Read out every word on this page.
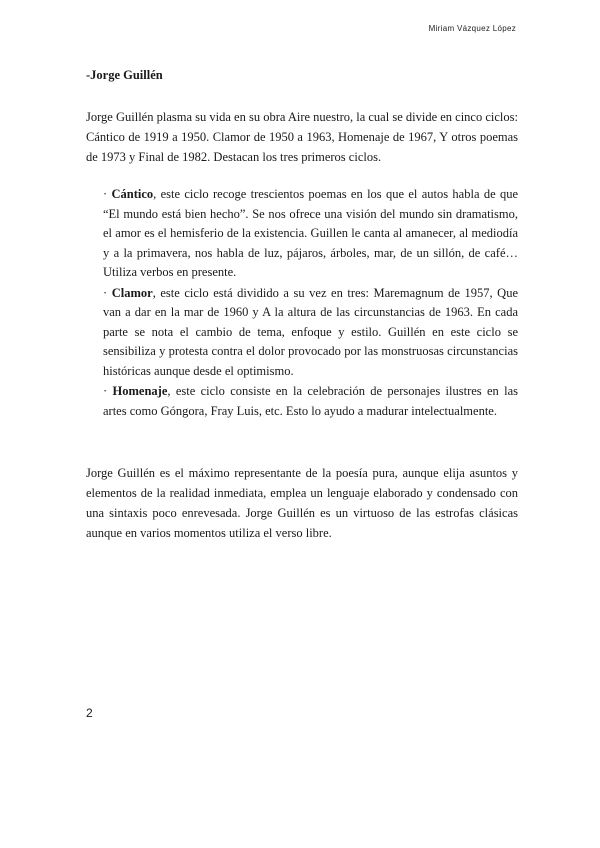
Miriam Vázquez López
-Jorge Guillén

Jorge Guillén plasma su vida en su obra Aire nuestro, la cual se divide en cinco ciclos: Cántico de 1919 a 1950. Clamor de 1950 a 1963, Homenaje de 1967, Y otros poemas de 1973 y Final de 1982. Destacan los tres primeros ciclos.

· Cántico, este ciclo recoge trescientos poemas en los que el autos habla de que “El mundo está bien hecho”. Se nos ofrece una visión del mundo sin dramatismo, el amor es el hemisferio de la existencia. Guillen le canta al amanecer, al mediodía y a la primavera, nos habla de luz, pájaros, árboles, mar, de un sillón, de café… Utiliza verbos en presente.

· Clamor, este ciclo está dividido a su vez en tres: Maremagnum de 1957, Que van a dar en la mar de 1960 y A la altura de las circunstancias de 1963. En cada parte se nota el cambio de tema, enfoque y estilo. Guillén en este ciclo se sensibiliza y protesta contra el dolor provocado por las monstruosas circunstancias históricas aunque desde el optimismo.

· Homenaje, este ciclo consiste en la celebración de personajes ilustres en las artes como Góngora, Fray Luis, etc. Esto lo ayudo a madurar intelectualmente.

Jorge Guillén es el máximo representante de la poesía pura, aunque elija asuntos y elementos de la realidad inmediata, emplea un lenguaje elaborado y condensado con una sintaxis poco enrevesada. Jorge Guillén es un virtuoso de las estrofas clásicas aunque en varios momentos utiliza el verso libre.

2
